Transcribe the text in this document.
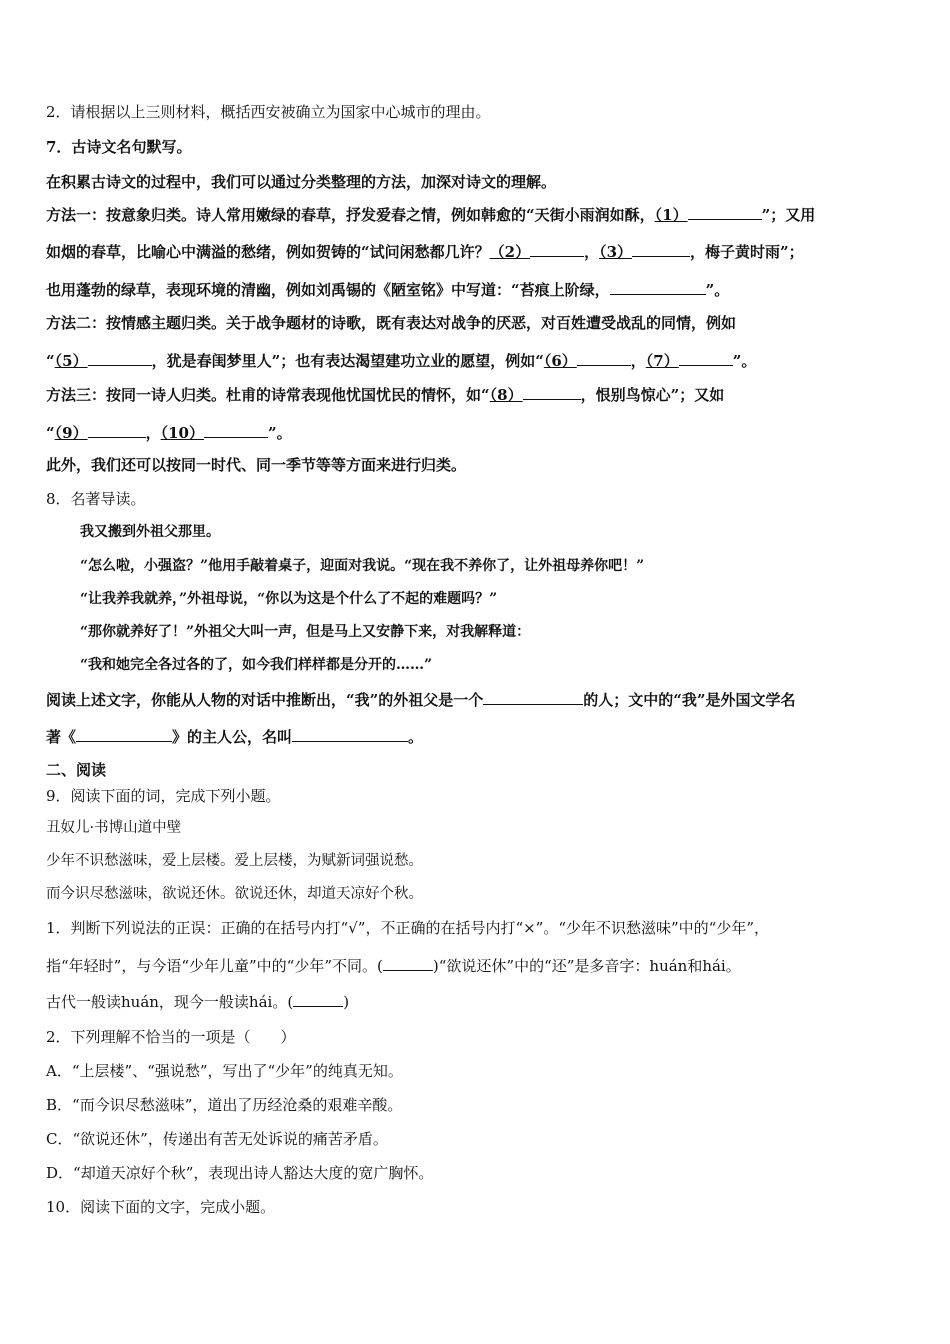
2．请根据以上三则材料，概括西安被确立为国家中心城市的理由。
7．古诗文名句默写。
在积累古诗文的过程中，我们可以通过分类整理的方法，加深对诗文的理解。
方法一：按意象归类。诗人常用嫩绿的春草，抒发爱春之情，例如韩愈的“天街小雨润如酥，（1）	”；又用
如烟的春草，比喻心中满溢的愁绪，例如贺铸的“试问闲愁都几许？（2）	，（3）	，梅子黄时雨”；
也用蓬勃的绿草，表现环境的清幽，例如刘禹锡的《陋室铭》中写道：“苔痕上阶绿，	”。
方法二：按情感主题归类。关于战争题材的诗歌，既有表达对战争的厌恶，对百姓遭受战乱的同情，例如
“（5）	，犹是春闺梦里人”；也有表达渴望建功立业的愿望，例如“（6）	，（7）	”。
方法三：按同一诗人归类。杜甫的诗常表现他忧国忧民的情怀，如“（8）	，恨别鸟惊心”；又如
“（9）	，（10）	”。
此外，我们还可以按同一时代、同一季节等等方面来进行归类。
8．名著导读。
我又搬到外祖父那里。
“怎么啦，小强盗？”他用手敲着桌子，迎面对我说。“现在我不养你了，让外祖母养你吧！”
“让我养我就养，”外祖母说，“你以为这是个什么了不起的难题吗？”
“那你就养好了！”外祖父大叫一声，但是马上又安静下来，对我解释道：
“我和她完全各过各的了，如今我们样样都是分开的……”
阅读上述文字，你能从人物的对话中推断出，“我”的外祖父是一个	的人；文中的“我”是外国文学名
著《	》的主人公，名叫	。
二、阅读
9．阅读下面的词，完成下列小题。
丑奴儿·书博山道中壁
少年不识愁滋味，爱上层楼。爱上层楼，为赋新词强说愁。
而今识尽愁滋味，欲说还休。欲说还休，却道天凉好个秋。
1．判断下列说法的正误：正确的在括号内打“√”，不正确的在括号内打“×”。“少年不识愁滋味”中的“少年”，
指“年轻时”，与今语“少年儿童”中的“少年”不同。(	)“欲说还休”中的“还”是多音字：huán和hái。
古代一般读huán，现今一般读hái。(	)
2．下列理解不恰当的一项是（　　）
A．“上层楼”、“强说愁”，写出了“少年”的纯真无知。
B．“而今识尽愁滋味”，道出了历经沧桑的艰难辛酸。
C．“欲说还休”，传递出有苦无处诉说的痛苦矛盾。
D．“却道天凉好个秋”，表现出诗人豁达大度的宽广胸怀。
10．阅读下面的文字，完成小题。
